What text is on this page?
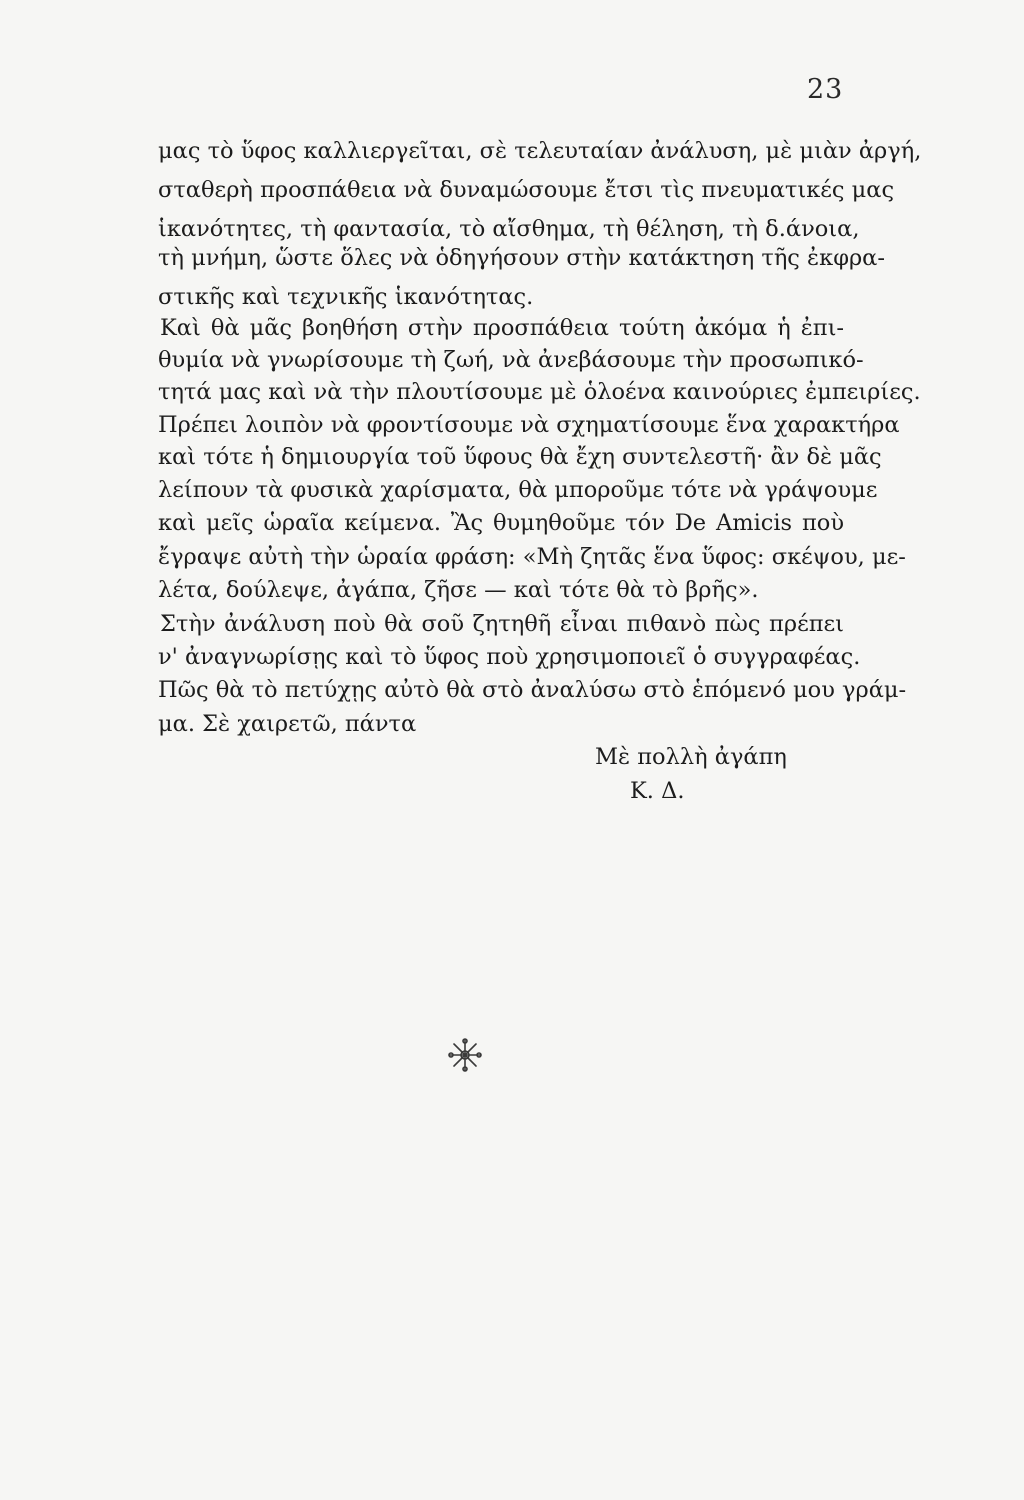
23
μας τὸ ὕφος καλλιεργεῖται, σὲ τελευταίαν ἀνάλυση, μὲ μιὰν ἀργή,
σταθερὴ προσπάθεια νὰ δυναμώσουμε ἔτσι τὶς πνευματικές μας
ἱκανότητες, τὴ φαντασία, τὸ αἴσθημα, τὴ θέληση, τὴ δ.άνοια,
τὴ μνήμη, ὥστε ὅλες νὰ ὁδηγήσουν στὴν κατάκτηση τῆς ἐκφρα-
στικῆς καὶ τεχνικῆς ἱκανότητας.
Καὶ θὰ μᾶς βοηθήση στὴν προσπάθεια τούτη ἀκόμα ἡ ἐπι-
θυμία νὰ γνωρίσουμε τὴ ζωή, νὰ ἀνεβάσουμε τὴν προσωπικό-
τητά μας καὶ νὰ τὴν πλουτίσουμε μὲ ὁλοένα καινούριες ἐμπειρίες.
Πρέπει λοιπὸν νὰ φροντίσουμε νὰ σχηματίσουμε ἕνα χαρακτήρα
καὶ τότε ἡ δημιουργία τοῦ ὕφους θὰ ἔχη συντελεστῆ· ἂν δὲ μᾶς
λείπουν τὰ φυσικὰ χαρίσματα, θὰ μποροῦμε τότε νὰ γράψουμε
καὶ μεῖς ὡραῖα κείμενα. Ἂς θυμηθοῦμε τόν De Amicis ποὺ
ἔγραψε αὐτὴ τὴν ὡραία φράση: «Μὴ ζητᾶς ἕνα ὕφος: σκέψου, με-
λέτα, δούλεψε, ἀγάπα, ζῆσε — καὶ τότε θὰ τὸ βρῆς».
Στὴν ἀνάλυση ποὺ θὰ σοῦ ζητηθῆ εἶναι πιθανὸ πὼς πρέπει
ν' ἀναγνωρίσῃς καὶ τὸ ὕφος ποὺ χρησιμοποιεῖ ὁ συγγραφέας.
Πῶς θὰ τὸ πετύχῃς αὐτὸ θὰ στὸ ἀναλύσω στὸ ἑπόμενό μου γράμ-
μα. Σὲ χαιρετῶ, πάντα
Μὲ πολλὴ ἀγάπη
Κ. Δ.
